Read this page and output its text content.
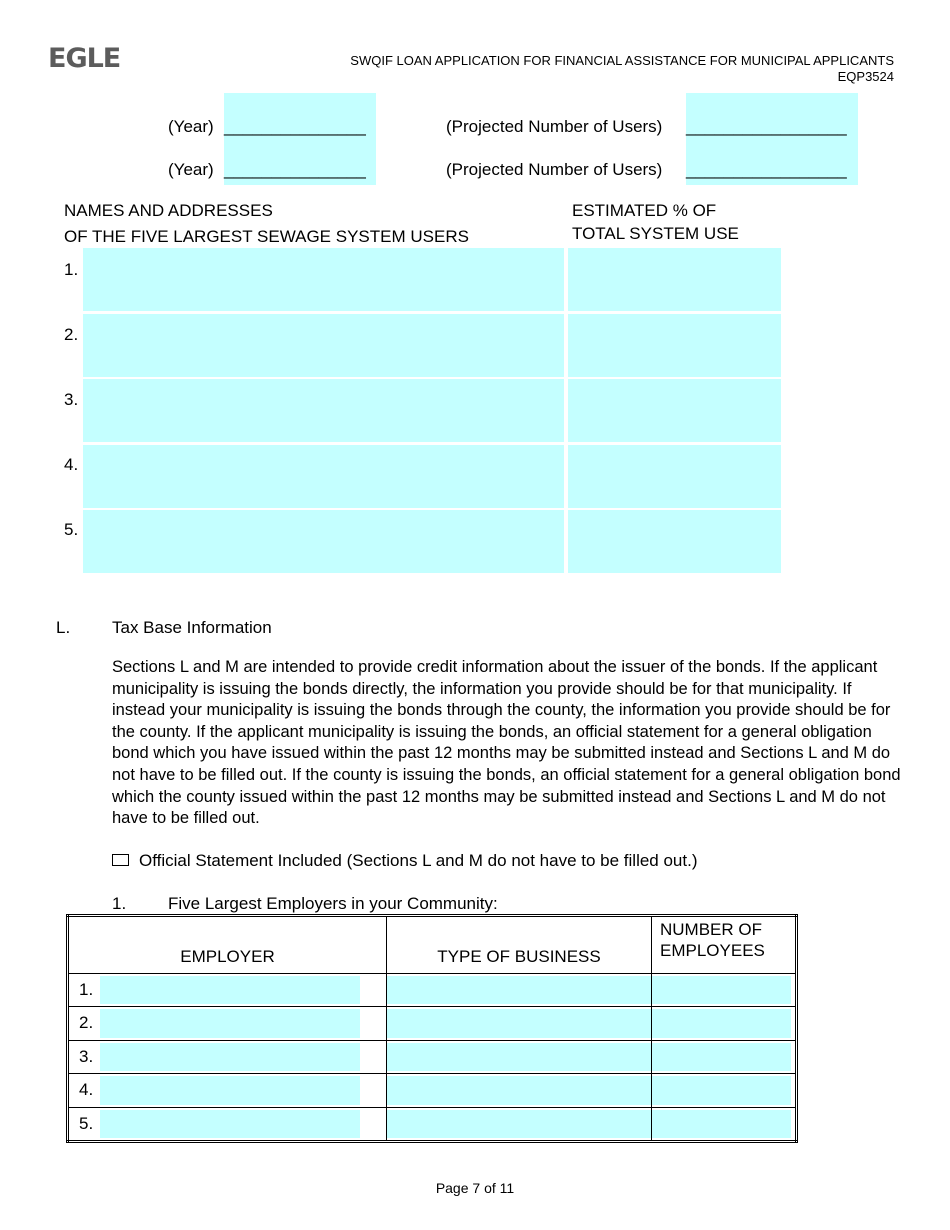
EGLE	SWQIF LOAN APPLICATION FOR FINANCIAL ASSISTANCE FOR MUNICIPAL APPLICANTS
EQP3524
(Year) _______________	(Projected Number of Users) _________________
(Year) _______________	(Projected Number of Users) _________________
NAMES AND ADDRESSES
OF THE FIVE LARGEST SEWAGE SYSTEM USERS
ESTIMATED % OF
TOTAL SYSTEM USE
1.
2.
3.
4.
5.
L. Tax Base Information
Sections L and M are intended to provide credit information about the issuer of the bonds. If the applicant municipality is issuing the bonds directly, the information you provide should be for that municipality. If instead your municipality is issuing the bonds through the county, the information you provide should be for the county. If the applicant municipality is issuing the bonds, an official statement for a general obligation bond which you have issued within the past 12 months may be submitted instead and Sections L and M do not have to be filled out. If the county is issuing the bonds, an official statement for a general obligation bond which the county issued within the past 12 months may be submitted instead and Sections L and M do not have to be filled out.
Official Statement Included (Sections L and M do not have to be filled out.)
1. Five Largest Employers in your Community:
EMPLOYER	TYPE OF BUSINESS	NUMBER OF
EMPLOYEES

1.

2.

3.

4.

5.

Page 7 of 11
